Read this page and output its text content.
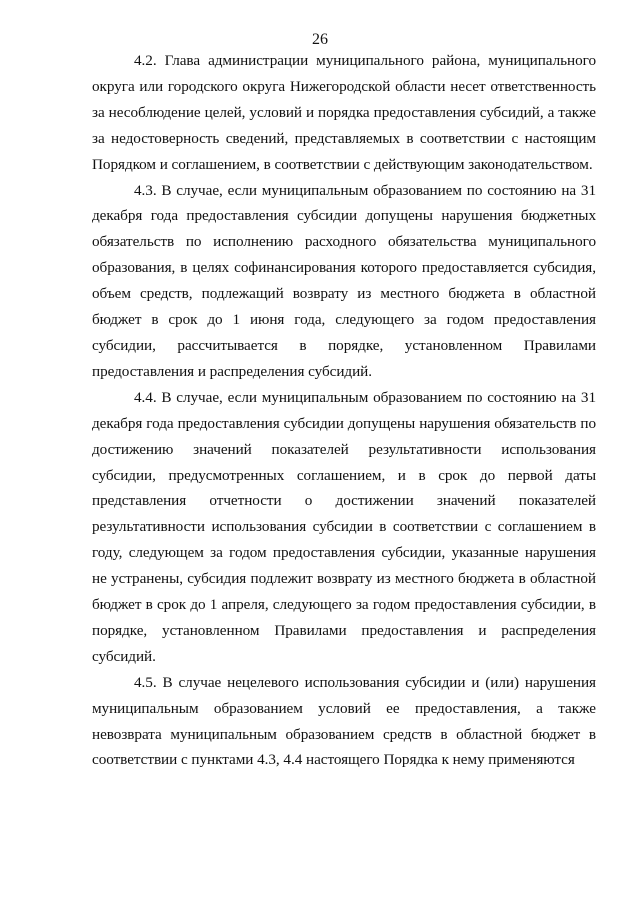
26

4.2. Глава администрации муниципального района, муниципального округа или городского округа Нижегородской области несет ответственность за несоблюдение целей, условий и порядка предоставления субсидий, а также за недостоверность сведений, представляемых в соответствии с настоящим Порядком и соглашением, в соответствии с действующим законодательством.

4.3. В случае, если муниципальным образованием по состоянию на 31 декабря года предоставления субсидии допущены нарушения бюджетных обязательств по исполнению расходного обязательства муниципального образования, в целях софинансирования которого предоставляется субсидия, объем средств, подлежащий возврату из местного бюджета в областной бюджет в срок до 1 июня года, следующего за годом предоставления субсидии, рассчитывается в порядке, установленном Правилами предоставления и распределения субсидий.

4.4. В случае, если муниципальным образованием по состоянию на 31 декабря года предоставления субсидии допущены нарушения обязательств по достижению значений показателей результативности использования субсидии, предусмотренных соглашением, и в срок до первой даты представления отчетности о достижении значений показателей результативности использования субсидии в соответствии с соглашением в году, следующем за годом предоставления субсидии, указанные нарушения не устранены, субсидия подлежит возврату из местного бюджета в областной бюджет в срок до 1 апреля, следующего за годом предоставления субсидии, в порядке, установленном Правилами предоставления и распределения субсидий.

4.5. В случае нецелевого использования субсидии и (или) нарушения муниципальным образованием условий ее предоставления, а также невозврата муниципальным образованием средств в областной бюджет в соответствии с пунктами 4.3, 4.4 настоящего Порядка к нему применяются
